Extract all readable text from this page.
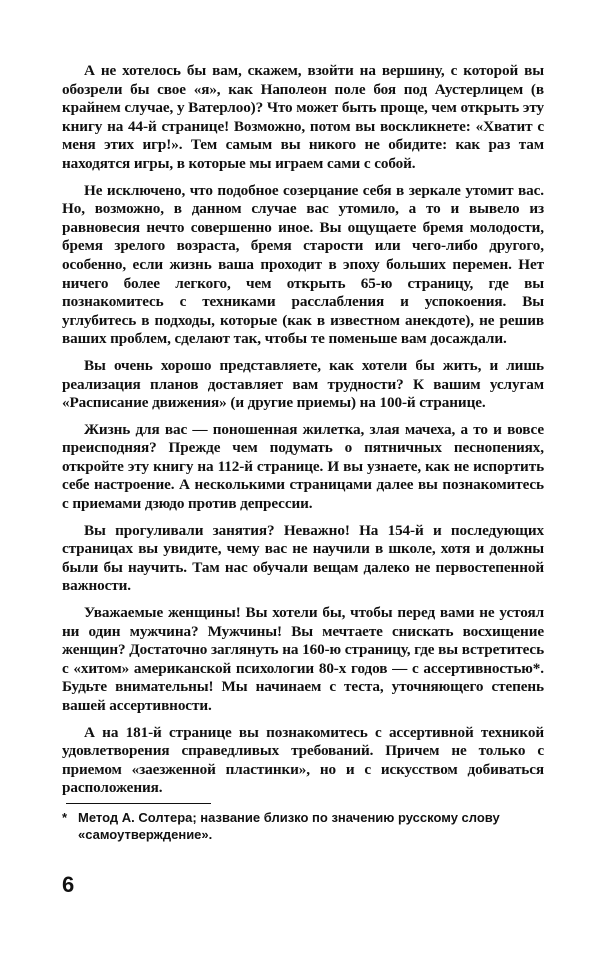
А не хотелось бы вам, скажем, взойти на вершину, с которой вы обозрели бы свое «я», как Наполеон поле боя под Аустерлицем (в крайнем случае, у Ватерлоо)? Что может быть проще, чем открыть эту книгу на 44-й странице! Возможно, потом вы воскликнете: «Хватит с меня этих игр!». Тем самым вы никого не обидите: как раз там находятся игры, в которые мы играем сами с собой.

Не исключено, что подобное созерцание себя в зеркале утомит вас. Но, возможно, в данном случае вас утомило, а то и вывело из равновесия нечто совершенно иное. Вы ощущаете бремя молодости, бремя зрелого возраста, бремя старости или чего-либо другого, особенно, если жизнь ваша проходит в эпоху больших перемен. Нет ничего более легкого, чем открыть 65-ю страницу, где вы познакомитесь с техниками расслабления и успокоения. Вы углубитесь в подходы, которые (как в известном анекдоте), не решив ваших проблем, сделают так, чтобы те поменьше вам досаждали.

Вы очень хорошо представляете, как хотели бы жить, и лишь реализация планов доставляет вам трудности? К вашим услугам «Расписание движения» (и другие приемы) на 100-й странице.

Жизнь для вас — поношенная жилетка, злая мачеха, а то и вовсе преисподняя? Прежде чем подумать о пятничных песнопениях, откройте эту книгу на 112-й странице. И вы узнаете, как не испортить себе настроение. А несколькими страницами далее вы познакомитесь с приемами дзюдо против депрессии.

Вы прогуливали занятия? Неважно! На 154-й и последующих страницах вы увидите, чему вас не научили в школе, хотя и должны были бы научить. Там нас обучали вещам далеко не первостепенной важности.

Уважаемые женщины! Вы хотели бы, чтобы перед вами не устоял ни один мужчина? Мужчины! Вы мечтаете снискать восхищение женщин? Достаточно заглянуть на 160-ю страницу, где вы встретитесь с «хитом» американской психологии 80-х годов — с ассертивностью*. Будьте внимательны! Мы начинаем с теста, уточняющего степень вашей ассертивности.

А на 181-й странице вы познакомитесь с ассертивной техникой удовлетворения справедливых требований. Причем не только с приемом «заезженной пластинки», но и с искусством добиваться расположения.

* Метод А. Солтера; название близко по значению русскому слову
«самоутверждение».

6
